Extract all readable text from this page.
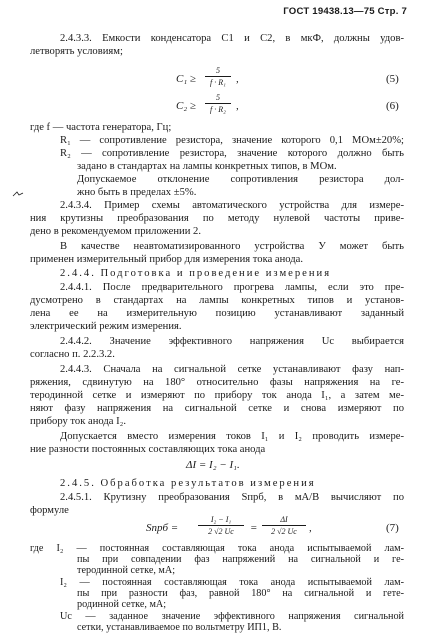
ГОСТ 19438.13—75 Стр. 7
2.4.3.3. Емкости конденсатора C1 и C2, в мкФ, должны удов-
летворять условиям;
C₁ ≥
5
f · R₁ ,	(5)
C₂ ≥
5
f · R₂ ,	(6)
где f — частота генератора, Гц;
R₁ — сопротивление резистора, значение которого 0,1 МОм±20%;
R₂ — сопротивление резистора, значение которого должно быть
задано в стандартах на лампы конкретных типов, в МОм.
Допускаемое отклонение сопротивления резистора дол-
жно быть в пределах ±5%.
2.4.3.4. Пример схемы автоматического устройства для измере-
ния крутизны преобразования по методу нулевой частоты приве-
дено в рекомендуемом приложении 2.
В качестве неавтоматизированного устройства У может быть
применен измерительный прибор для измерения тока анода.
2.4.4. Подготовка и проведение измерения
2.4.4.1. После предварительного прогрева лампы, если это пре-
дусмотрено в стандартах на лампы конкретных типов и установ-
лена ее на измерительную позицию устанавливают заданный
электрический режим измерения.
2.4.4.2. Значение эффективного напряжения Uс выбирается
согласно п. 2.2.3.2.
2.4.4.3. Сначала на сигнальной сетке устанавливают фазу нап-
ряжения, сдвинутую на 180° относительно фазы напряжения на ге-
теродинной сетке и измеряют по прибору ток анода I₁, а затем ме-
няют фазу напряжения на сигнальной сетке и снова измеряют по
прибору ток анода I₂.
Допускается вместо измерения токов I₁ и I₂ проводить измере-
ние разности постоянных составляющих тока анода
ΔI = I₂ − I₁.
2.4.5. Обработка результатов измерения
2.4.5.1. Крутизну преобразования Sпрб, в мА/В вычисляют по
формуле
Sпрб =
I₂ − I₁
2 √2 Uс	=
ΔI
2 √2 Uс	,	(7)
где I₂ — постоянная составляющая тока анода испытываемой лам-
пы при совпадении фаз напряжений на сигнальной и ге-
теродинной сетке, мА;
I₂ — постоянная составляющая тока анода испытываемой лам-
пы при разности фаз, равной 180° на сигнальной и гете-
родинной сетке, мА;
Uс — заданное значение эффективного напряжения сигнальной
сетки, устанавливаемое по вольтметру ИП1, В.
